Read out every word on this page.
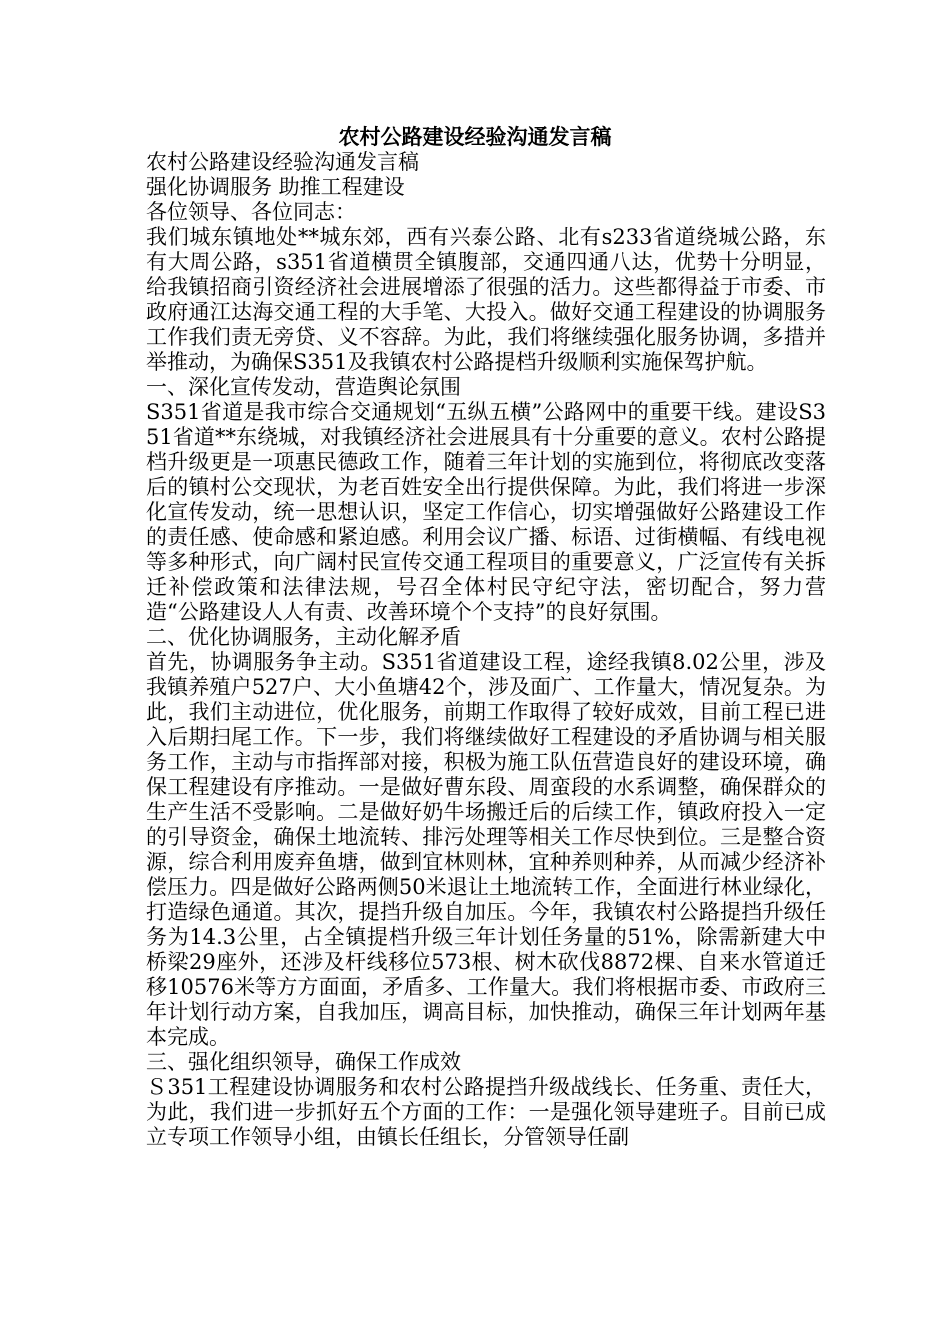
农村公路建设经验沟通发言稿

农村公路建设经验沟通发言稿

强化协调服务 助推工程建设

各位领导、各位同志：

我们城东镇地处**城东郊，西有兴泰公路、北有s233省道绕城公路，东有大周公路，s351省道横贯全镇腹部，交通四通八达，优势十分明显，给我镇招商引资经济社会进展增添了很强的活力。这些都得益于市委、市政府通江达海交通工程的大手笔、大投入。做好交通工程建设的协调服务工作我们责无旁贷、义不容辞。为此，我们将继续强化服务协调，多措并举推动，为确保S351及我镇农村公路提档升级顺利实施保驾护航。

一、深化宣传发动，营造舆论氛围

S351省道是我市综合交通规划“五纵五横”公路网中的重要干线。建设S351省道**东绕城，对我镇经济社会进展具有十分重要的意义。农村公路提档升级更是一项惠民德政工作，随着三年计划的实施到位，将彻底改变落后的镇村公交现状，为老百姓安全出行提供保障。为此，我们将进一步深化宣传发动，统一思想认识，坚定工作信心，切实增强做好公路建设工作的责任感、使命感和紧迫感。利用会议广播、标语、过街横幅、有线电视等多种形式，向广阔村民宣传交通工程项目的重要意义，广泛宣传有关拆迁补偿政策和法律法规，号召全体村民守纪守法，密切配合，努力营造“公路建设人人有责、改善环境个个支持”的良好氛围。

二、优化协调服务，主动化解矛盾

首先，协调服务争主动。S351省道建设工程，途经我镇8.02公里，涉及我镇养殖户527户、大小鱼塘42个，涉及面广、工作量大，情况复杂。为此，我们主动进位，优化服务，前期工作取得了较好成效，目前工程已进入后期扫尾工作。下一步，我们将继续做好工程建设的矛盾协调与相关服务工作，主动与市指挥部对接，积极为施工队伍营造良好的建设环境，确保工程建设有序推动。一是做好曹东段、周蛮段的水系调整，确保群众的生产生活不受影响。二是做好奶牛场搬迁后的后续工作，镇政府投入一定的引导资金，确保土地流转、排污处理等相关工作尽快到位。三是整合资源，综合利用废弃鱼塘，做到宜林则林，宜种养则种养，从而减少经济补偿压力。四是做好公路两侧50米退让土地流转工作，全面进行林业绿化，打造绿色通道。其次，提挡升级自加压。今年，我镇农村公路提挡升级任务为14.3公里，占全镇提档升级三年计划任务量的51%，除需新建大中桥梁29座外，还涉及杆线移位573根、树木砍伐8872棵、自来水管道迁移10576米等方方面面，矛盾多、工作量大。我们将根据市委、市政府三年计划行动方案，自我加压，调高目标，加快推动，确保三年计划两年基本完成。

三、强化组织领导，确保工作成效

Ｓ351工程建设协调服务和农村公路提挡升级战线长、任务重、责任大，为此，我们进一步抓好五个方面的工作：一是强化领导建班子。目前已成立专项工作领导小组，由镇长任组长，分管领导任副
